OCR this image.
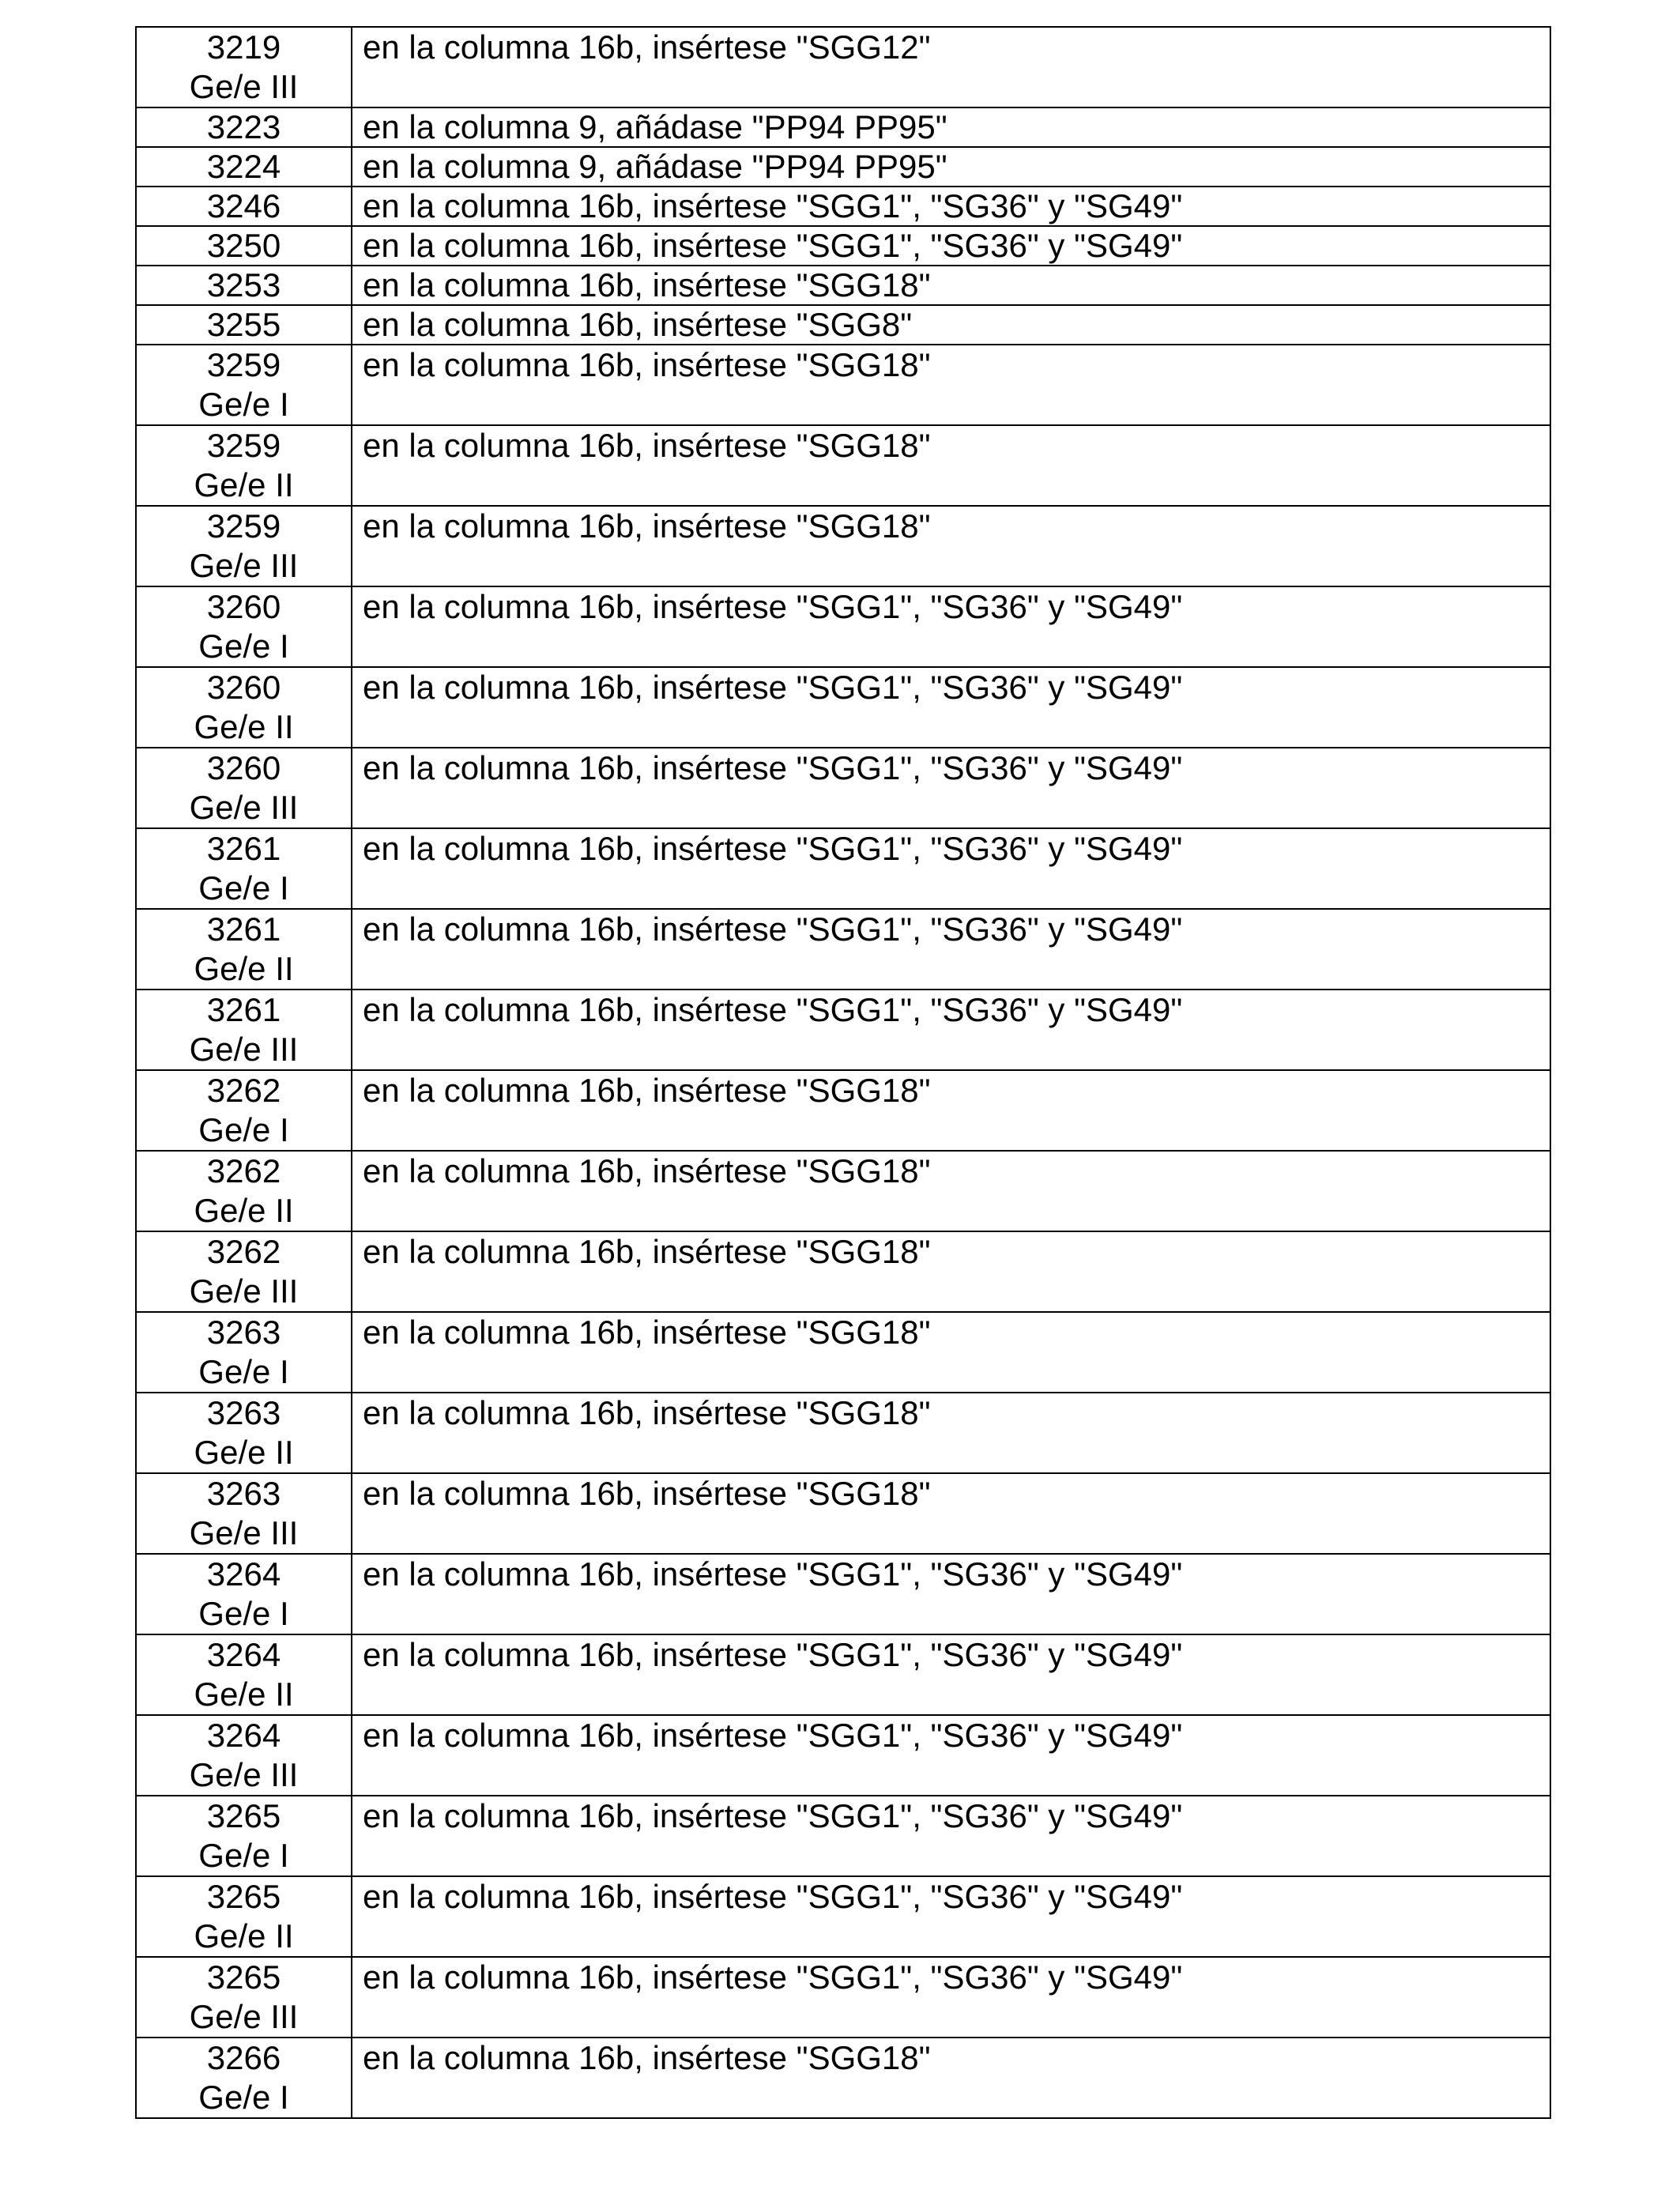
3219
Ge/e III	en la columna 16b, insértese "SGG12"

3223	en la columna 9, añádase "PP94 PP95"

3224	en la columna 9, añádase "PP94 PP95"

3246	en la columna 16b, insértese "SGG1", "SG36" y "SG49"

3250	en la columna 16b, insértese "SGG1", "SG36" y "SG49"

3253	en la columna 16b, insértese "SGG18"

3255	en la columna 16b, insértese "SGG8"

3259
Ge/e I	en la columna 16b, insértese "SGG18"

3259
Ge/e II	en la columna 16b, insértese "SGG18"

3259
Ge/e III	en la columna 16b, insértese "SGG18"

3260
Ge/e I	en la columna 16b, insértese "SGG1", "SG36" y "SG49"

3260
Ge/e II	en la columna 16b, insértese "SGG1", "SG36" y "SG49"

3260
Ge/e III	en la columna 16b, insértese "SGG1", "SG36" y "SG49"

3261
Ge/e I	en la columna 16b, insértese "SGG1", "SG36" y "SG49"

3261
Ge/e II	en la columna 16b, insértese "SGG1", "SG36" y "SG49"

3261
Ge/e III	en la columna 16b, insértese "SGG1", "SG36" y "SG49"

3262
Ge/e I	en la columna 16b, insértese "SGG18"

3262
Ge/e II	en la columna 16b, insértese "SGG18"

3262
Ge/e III	en la columna 16b, insértese "SGG18"

3263
Ge/e I	en la columna 16b, insértese "SGG18"

3263
Ge/e II	en la columna 16b, insértese "SGG18"

3263
Ge/e III	en la columna 16b, insértese "SGG18"

3264
Ge/e I	en la columna 16b, insértese "SGG1", "SG36" y "SG49"

3264
Ge/e II	en la columna 16b, insértese "SGG1", "SG36" y "SG49"

3264
Ge/e III	en la columna 16b, insértese "SGG1", "SG36" y "SG49"

3265
Ge/e I	en la columna 16b, insértese "SGG1", "SG36" y "SG49"

3265
Ge/e II	en la columna 16b, insértese "SGG1", "SG36" y "SG49"

3265
Ge/e III	en la columna 16b, insértese "SGG1", "SG36" y "SG49"

3266
Ge/e I	en la columna 16b, insértese "SGG18"
